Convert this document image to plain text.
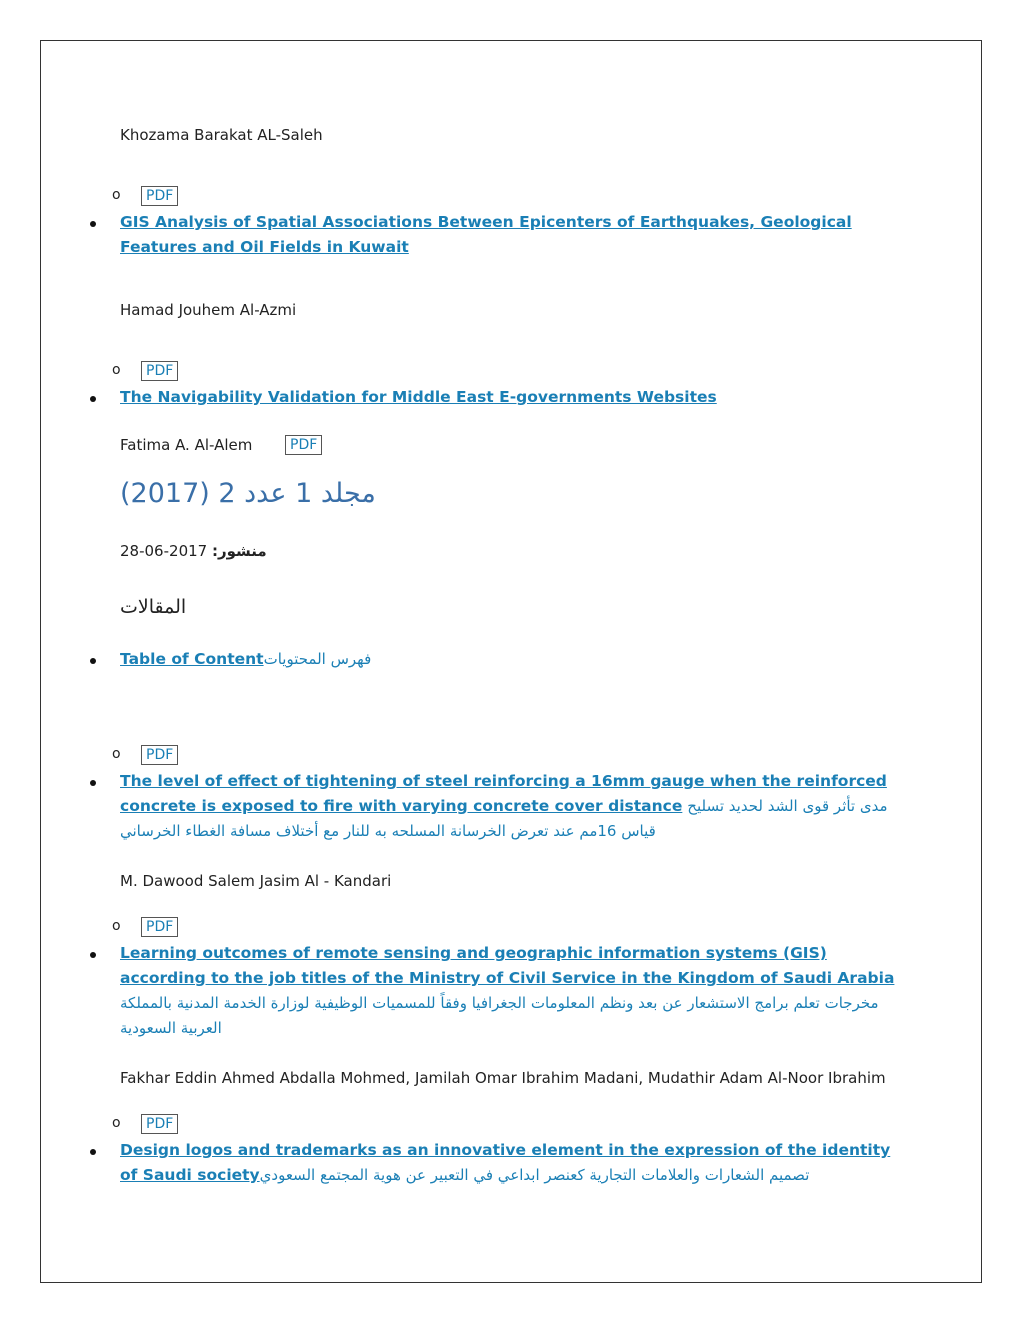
Khozama Barakat AL-Saleh
o	PDF
GIS Analysis of Spatial Associations Between Epicenters of Earthquakes, Geological Features and Oil Fields in Kuwait
Hamad Jouhem Al-Azmi
o	PDF
The Navigability Validation for Middle East E-governments Websites
Fatima A. Al-Alem	PDF
مجلد 1 عدد 2 (2017)
منشور: 2017-06-28
المقالات
Table of Contentفهرس المحتويات
o	PDF
The level of effect of tightening of steel reinforcing a 16mm gauge when the reinforced concrete is exposed to fire with varying concrete cover distance مدى تأثر قوى الشد لحديد تسليح قياس 16مم عند تعرض الخرسانة المسلحه به للنار مع أختلاف مسافة الغطاء الخرساني
M. Dawood Salem Jasim Al - Kandari
o	PDF
Learning outcomes of remote sensing and geographic information systems (GIS) according to the job titles of the Ministry of Civil Service in the Kingdom of Saudi Arabia مخرجات تعلم برامج الاستشعار عن بعد ونظم المعلومات الجغرافيا وفقاً للمسميات الوظيفية لوزارة الخدمة المدنية بالمملكة العربية السعودية
Fakhar Eddin Ahmed Abdalla Mohmed, Jamilah Omar Ibrahim Madani, Mudathir Adam Al-Noor Ibrahim
o	PDF
Design logos and trademarks as an innovative element in the expression of the identity of Saudi societyتصميم الشعارات والعلامات التجارية كعنصر ابداعي في التعبير عن هوية المجتمع السعودي
